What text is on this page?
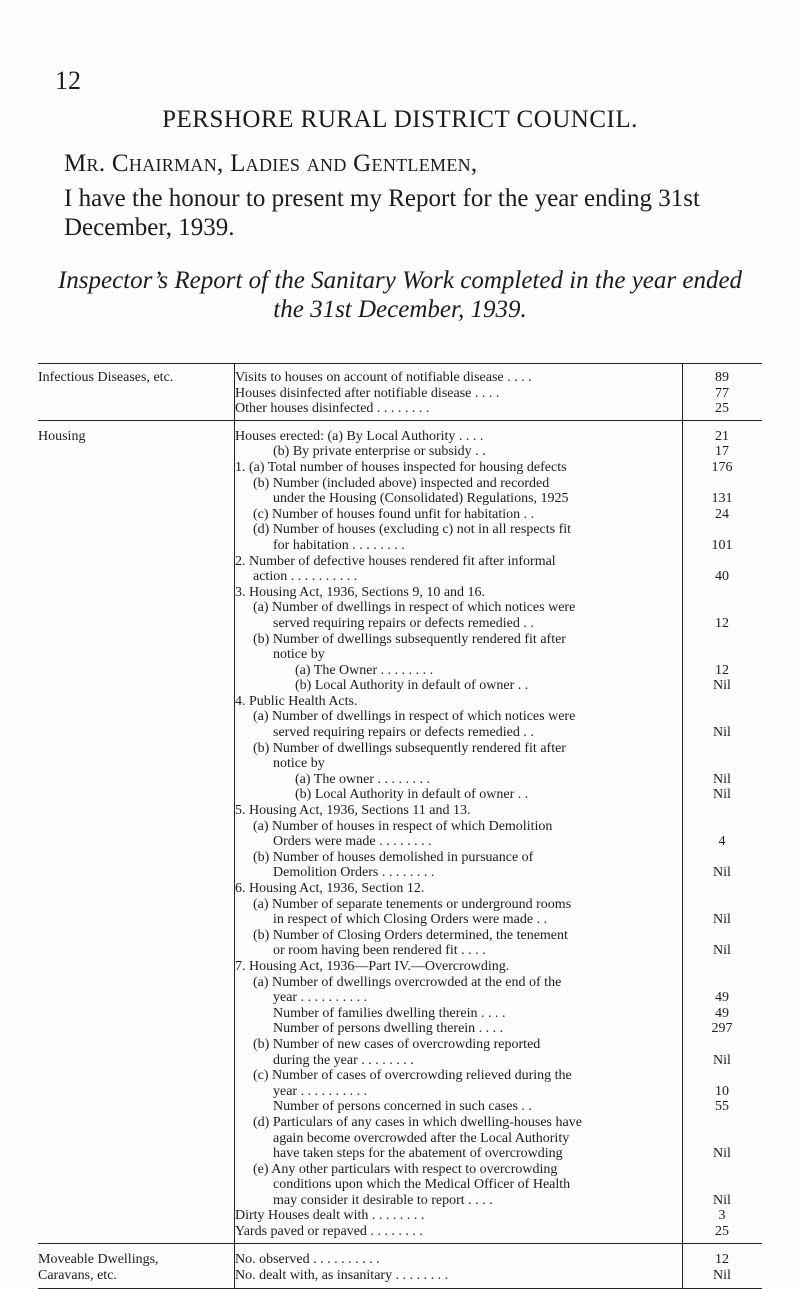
12
PERSHORE RURAL DISTRICT COUNCIL.
Mr. Chairman, Ladies and Gentlemen,
I have the honour to present my Report for the year ending 31st December, 1939.
Inspector’s Report of the Sanitary Work completed in the year ended
the 31st December, 1939.
Infectious Diseases, etc.	Visits to houses on account of notifiable disease . . . .
Houses disinfected after notifiable disease . . . .
Other houses disinfected . . . . . . . .
89
77
25
Housing	Houses erected: (a) By Local Authority . . . .
(b) By private enterprise or subsidy . .
1. (a) Total number of houses inspected for housing defects
(b) Number (included above) inspected and recorded
under the Housing (Consolidated) Regulations, 1925
(c) Number of houses found unfit for habitation . .
(d) Number of houses (excluding c) not in all respects fit
for habitation . . . . . . . .
2. Number of defective houses rendered fit after informal
action . . . . . . . . . .
3. Housing Act, 1936, Sections 9, 10 and 16.
(a) Number of dwellings in respect of which notices were
served requiring repairs or defects remedied . .
(b) Number of dwellings subsequently rendered fit after
notice by
(a) The Owner . . . . . . . .
(b) Local Authority in default of owner . .
4. Public Health Acts.
(a) Number of dwellings in respect of which notices were
served requiring repairs or defects remedied . .
(b) Number of dwellings subsequently rendered fit after
notice by
(a) The owner . . . . . . . .
(b) Local Authority in default of owner . .
5. Housing Act, 1936, Sections 11 and 13.
(a) Number of houses in respect of which Demolition
Orders were made . . . . . . . .
(b) Number of houses demolished in pursuance of
Demolition Orders . . . . . . . .
6. Housing Act, 1936, Section 12.
(a) Number of separate tenements or underground rooms
in respect of which Closing Orders were made . .
(b) Number of Closing Orders determined, the tenement
or room having been rendered fit . . . .
7. Housing Act, 1936—Part IV.—Overcrowding.
(a) Number of dwellings overcrowded at the end of the
year . . . . . . . . . .
Number of families dwelling therein . . . .
Number of persons dwelling therein . . . .
(b) Number of new cases of overcrowding reported
during the year . . . . . . . .
(c) Number of cases of overcrowding relieved during the
year . . . . . . . . . .
Number of persons concerned in such cases . .
(d) Particulars of any cases in which dwelling-houses have
again become overcrowded after the Local Authority
have taken steps for the abatement of overcrowding
(e) Any other particulars with respect to overcrowding
conditions upon which the Medical Officer of Health
may consider it desirable to report . . . .
Dirty Houses dealt with . . . . . . . .
Yards paved or repaved . . . . . . . .
21
17
176
131
24
101
40
12
12
Nil
Nil
Nil
Nil
4
Nil
Nil
Nil
49
49
297
Nil
10
55
Nil
Nil
3
25
Moveable Dwellings,
Caravans, etc.
No. observed . . . . . . . . . .
No. dealt with, as insanitary . . . . . . . .
12
Nil
